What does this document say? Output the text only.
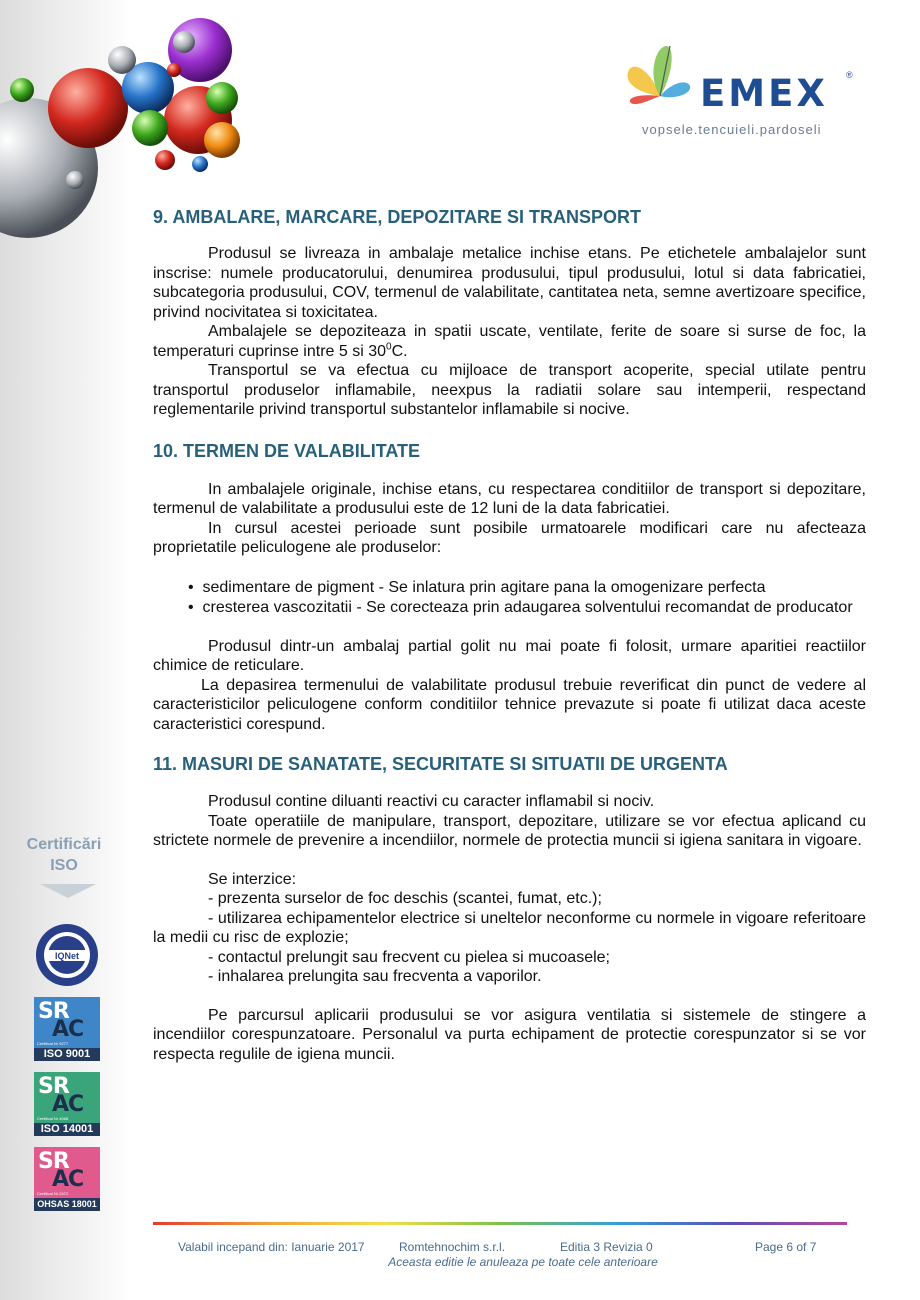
EMEX ®
vopsele.tencuieli.pardoseli
Certificări
ISO
IQNet
SR
AC
Certificat Nr 9277
ISO 9001
SR
AC
Certificat Nr 4068
ISO 14001
SR
AC
Certificat Nr 2472
OHSAS 18001
9. AMBALARE, MARCARE, DEPOZITARE SI TRANSPORT

Produsul se livreaza in ambalaje metalice inchise etans. Pe etichetele ambalajelor sunt inscrise: numele producatorului, denumirea produsului, tipul produsului, lotul si data fabricatiei, subcategoria produsului, COV, termenul de valabilitate, cantitatea neta, semne avertizoare specifice, privind nocivitatea si toxicitatea.

Ambalajele se depoziteaza in spatii uscate, ventilate, ferite de soare si surse de foc, la temperaturi cuprinse intre 5 si $30^0C$.

Transportul se va efectua cu mijloace de transport acoperite, special utilate pentru transportul produselor inflamabile, neexpus la radiatii solare sau intemperii, respectand reglementarile privind transportul substantelor inflamabile si nocive.

10. TERMEN DE VALABILITATE

In ambalajele originale, inchise etans, cu respectarea conditiilor de transport si depozitare, termenul de valabilitate a produsului este de 12 luni de la data fabricatiei.

In cursul acestei perioade sunt posibile urmatoarele modificari care nu afecteaza proprietatile peliculogene ale produselor:

•  sedimentare de pigment - Se inlatura prin agitare pana la omogenizare perfecta

•  cresterea vascozitatii - Se corecteaza prin adaugarea solventului recomandat de producator

Produsul dintr-un ambalaj partial golit nu mai poate fi folosit, urmare aparitiei reactiilor chimice de reticulare.

La depasirea termenului de valabilitate produsul trebuie reverificat din punct de vedere al caracteristicilor peliculogene conform conditiilor tehnice prevazute si poate fi utilizat daca aceste caracteristici corespund.

11. MASURI DE SANATATE, SECURITATE SI SITUATII DE URGENTA

Produsul contine diluanti reactivi cu caracter inflamabil si nociv.

Toate operatiile de manipulare, transport, depozitare, utilizare se vor efectua aplicand cu strictete normele de prevenire a incendiilor, normele de protectia muncii si igiena sanitara in vigoare.

Se interzice:

- prezenta surselor de foc deschis (scantei, fumat, etc.);

- utilizarea echipamentelor electrice si uneltelor neconforme cu normele in vigoare referitoare la medii cu risc de explozie;

- contactul prelungit sau frecvent cu pielea si mucoasele;

- inhalarea prelungita sau frecventa a vaporilor.

Pe parcursul aplicarii produsului se vor asigura ventilatia si sistemele de stingere a incendiilor corespunzatoare. Personalul va purta echipament de protectie corespunzator si se vor respecta regulile de igiena muncii.

Valabil incepand din: Ianuarie 2017	Romtehnochim s.r.l.	Editia 3 Revizia 0	Page 6 of 7
Aceasta editie le anuleaza pe toate cele anterioare
